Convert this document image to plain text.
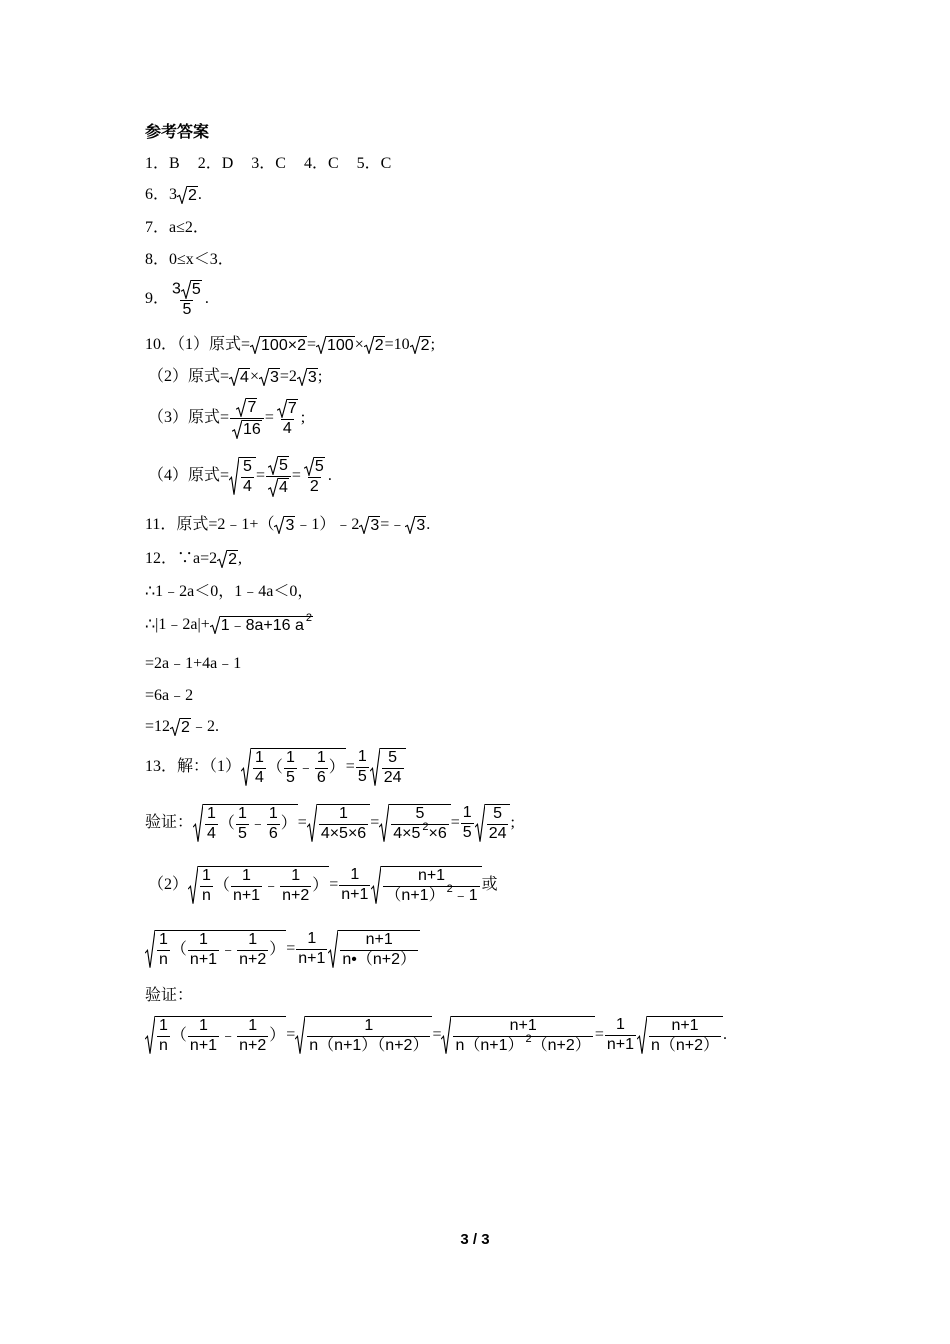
参考答案
1．B 2．D 3．C 4．C 5．C
6．3 2 .
7．a≤2．
8．0≤x＜3．
9． $\frac{3 5}{5}$ .
10．（1）原式= 100×2 = 100 × 2 =10 2 ;
（2）原式= 4 × 3 =2 3 ;
（3）原式= $\frac{7}{16} = \frac{7}{4}$ ;
（4）原式= $\frac{5}{4} = \frac{5}{4} = \frac{5}{2}$ .
11．原式=2﹣1+（ 3 ﹣1）﹣2 3 =﹣ 3 .
12．∵a=2 2 ,
∴1﹣2a＜0，1﹣4a＜0，
∴|1﹣2a|+ 1﹣8a+16 a 2
=2a﹣1+4a﹣1
=6a﹣2
=12 2 ﹣2.
13．解：$(1) \frac{1}{4}$ （ $\frac{1}{5}$ ﹣ $\frac{1}{6}$ ） = $\frac{1}{5} \frac{5}{24}$
验证： $\frac{1}{4}$ （ $\frac{1}{5}$ ﹣ $\frac{1}{6}$ ） = $\frac{1}{4\times 5\times 6} = \frac{5}{4\times 5 ^2\times 6} = \frac{1}{5} \frac{5}{24}$ ;
$(2) \frac{1}{n}$ （ $\frac{1}{n+1}$ ﹣ $\frac{1}{n+2}$ ） = $\frac{1}{n+1} \frac{n+1}{(n+1) ^2﹣1}$ 或
$\frac{1}{n}$ （ $\frac{1}{n+1}$ ﹣ $\frac{1}{n+2}$ ） = $\frac{1}{n+1} \frac{n+1}{n•(n+2)}$
验证：
$\frac{1}{n}$ （ $\frac{1}{n+1}$ ﹣ $\frac{1}{n+2}$ ） = $\frac{1}{n(n+1)(n+2)} = \frac{n+1}{n(n+1) ^2(n+2)} = \frac{1}{n+1} \frac{n+1}{n(n+2)}$ .
3 / 3
